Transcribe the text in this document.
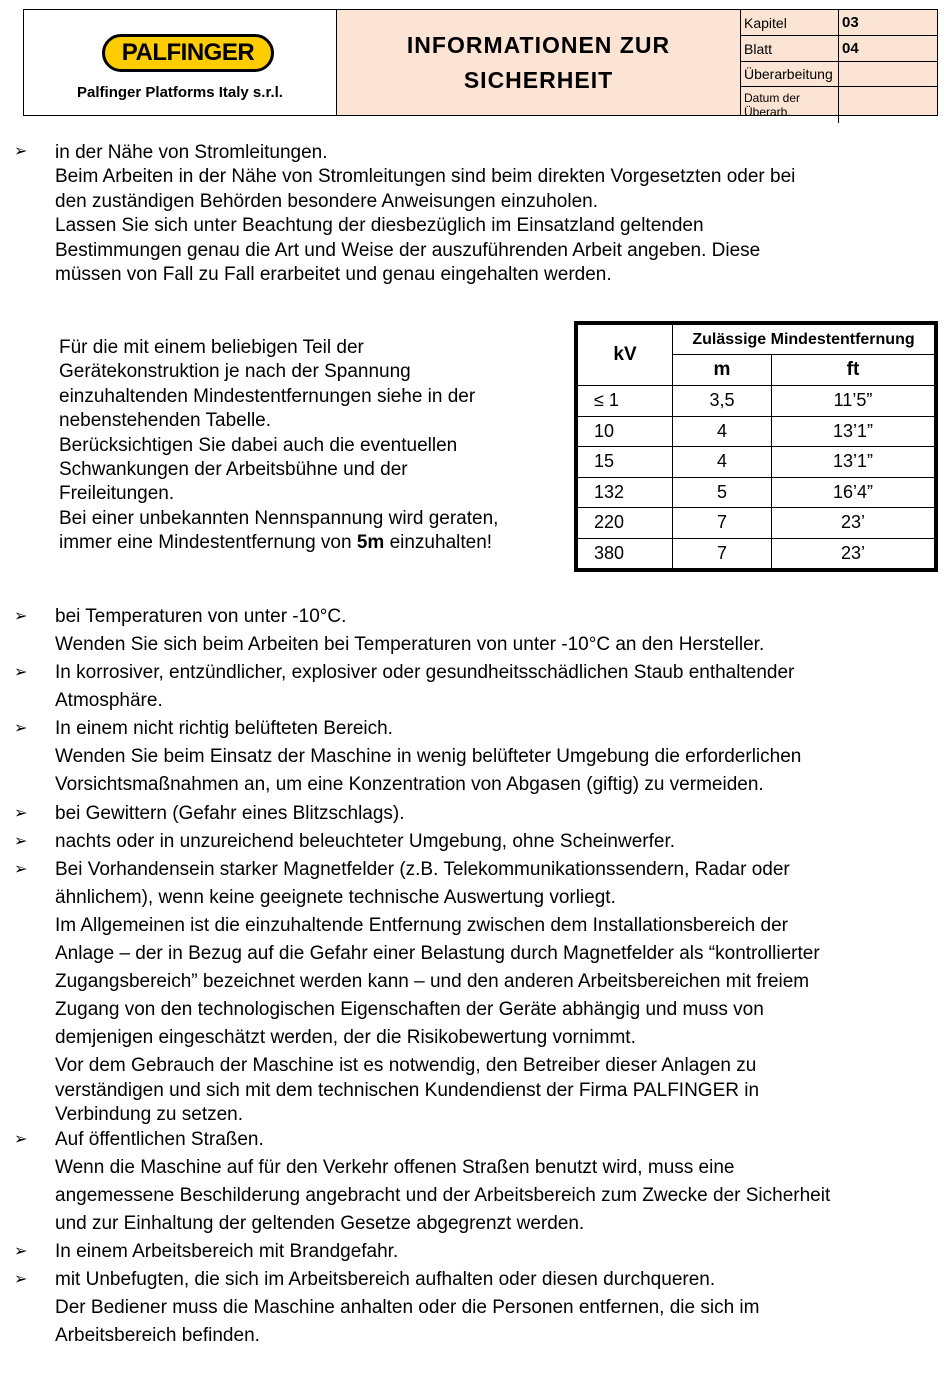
PALFINGER
Palfinger Platforms Italy s.r.l.
INFORMATIONEN ZUR SICHERHEIT
Kapitel	03
Blatt	04
Überarbeitung
Datum der Überarb.
➢ in der Nähe von Stromleitungen.
Beim Arbeiten in der Nähe von Stromleitungen sind beim direkten Vorgesetzten oder bei
den zuständigen Behörden besondere Anweisungen einzuholen.
Lassen Sie sich unter Beachtung der diesbezüglich im Einsatzland geltenden
Bestimmungen genau die Art und Weise der auszuführenden Arbeit angeben. Diese
müssen von Fall zu Fall erarbeitet und genau eingehalten werden.
Für die mit einem beliebigen Teil der
Gerätekonstruktion je nach der Spannung
einzuhaltenden Mindestentfernungen siehe in der
nebenstehenden Tabelle.
Berücksichtigen Sie dabei auch die eventuellen
Schwankungen der Arbeitsbühne und der
Freileitungen.
Bei einer unbekannten Nennspannung wird geraten,
immer eine Mindestentfernung von 5m einzuhalten!
kV	Zulässige Mindestentfernung	
	m	ft
≤ 1	3,5	11’5”
10	4	13’1”
15	4	13’1”
132	5	16’4”
220	7	23’
380	7	23’
➢ bei Temperaturen von unter -10°C.
Wenden Sie sich beim Arbeiten bei Temperaturen von unter -10°C an den Hersteller.
➢ In korrosiver, entzündlicher, explosiver oder gesundheitsschädlichen Staub enthaltender
Atmosphäre.
➢ In einem nicht richtig belüfteten Bereich.
Wenden Sie beim Einsatz der Maschine in wenig belüfteter Umgebung die erforderlichen
Vorsichtsmaßnahmen an, um eine Konzentration von Abgasen (giftig) zu vermeiden.
➢ bei Gewittern (Gefahr eines Blitzschlags).
➢ nachts oder in unzureichend beleuchteter Umgebung, ohne Scheinwerfer.
➢ Bei Vorhandensein starker Magnetfelder (z.B. Telekommunikationssendern, Radar oder
ähnlichem), wenn keine geeignete technische Auswertung vorliegt.
Im Allgemeinen ist die einzuhaltende Entfernung zwischen dem Installationsbereich der
Anlage – der in Bezug auf die Gefahr einer Belastung durch Magnetfelder als “kontrollierter
Zugangsbereich” bezeichnet werden kann – und den anderen Arbeitsbereichen mit freiem
Zugang von den technologischen Eigenschaften der Geräte abhängig und muss von
demjenigen eingeschätzt werden, der die Risikobewertung vornimmt.
Vor dem Gebrauch der Maschine ist es notwendig, den Betreiber dieser Anlagen zu
verständigen und sich mit dem technischen Kundendienst der Firma PALFINGER in
Verbindung zu setzen.
➢ Auf öffentlichen Straßen.
Wenn die Maschine auf für den Verkehr offenen Straßen benutzt wird, muss eine
angemessene Beschilderung angebracht und der Arbeitsbereich zum Zwecke der Sicherheit
und zur Einhaltung der geltenden Gesetze abgegrenzt werden.
➢ In einem Arbeitsbereich mit Brandgefahr.
➢ mit Unbefugten, die sich im Arbeitsbereich aufhalten oder diesen durchqueren.
Der Bediener muss die Maschine anhalten oder die Personen entfernen, die sich im
Arbeitsbereich befinden.
